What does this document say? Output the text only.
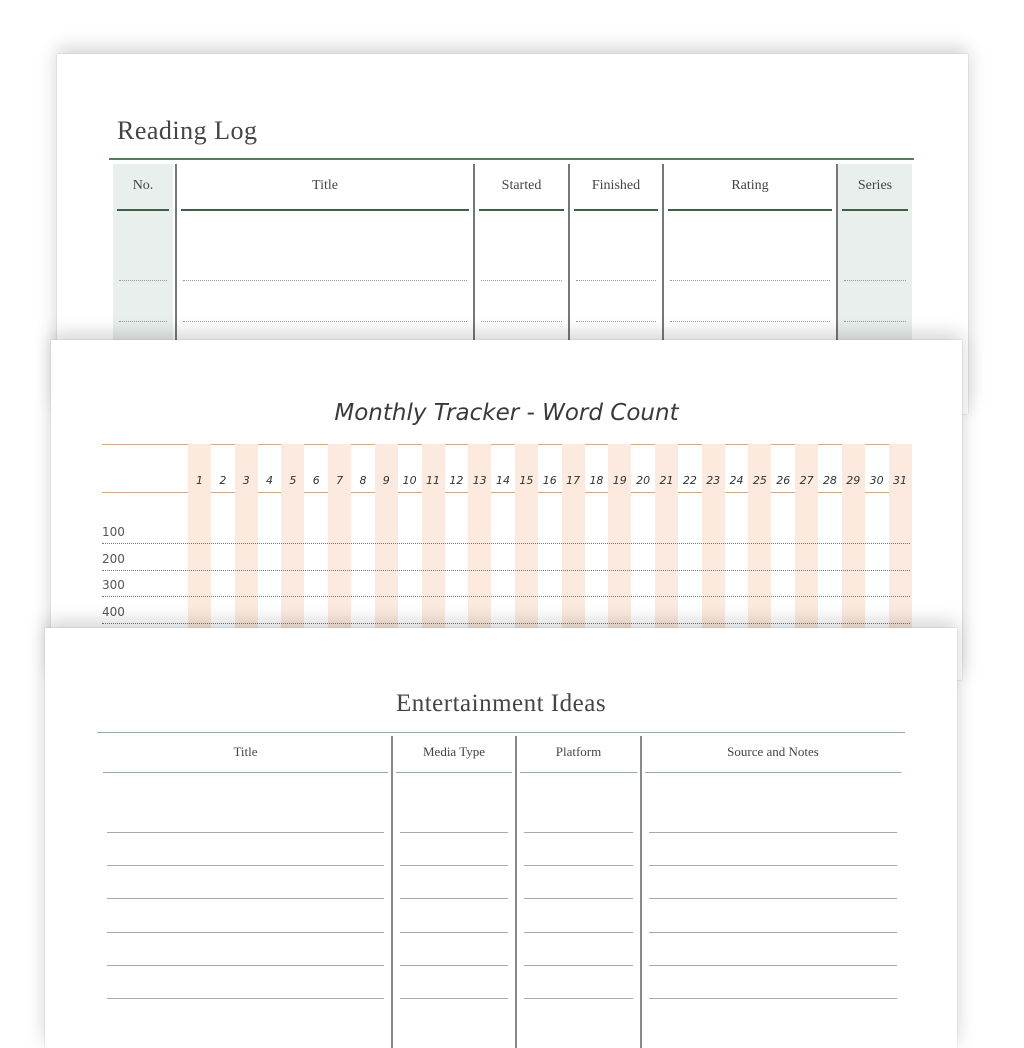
Reading Log
No.	Title	Started	Finished	Rating	Series
Monthly Tracker - Word Count
1	2	3	4	5	6	7	8	9	10 11 12 13 14 15 16 17 18 19 20 21 22 23 24 25 26 27 28 29 30 31
100
200
300
400
Entertainment Ideas
Title	Media Type	Platform	Source and Notes
